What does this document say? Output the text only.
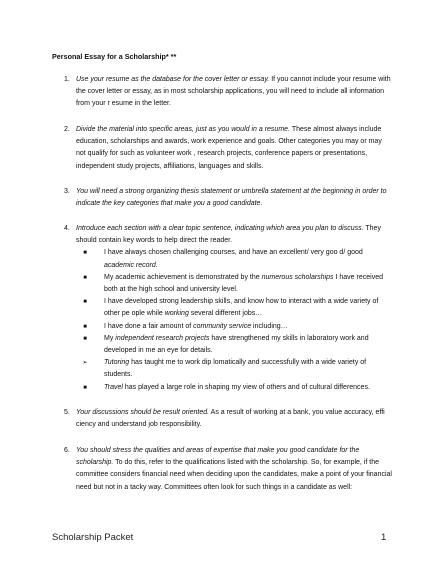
Personal Essay for a Scholarship* **
1. Use your resume as the database for the cover letter or essay. If you cannot include your resume with the cover letter or essay, as in most scholarship applications, you will need to include all information from your r esume in the letter.
2. Divide the material into specific areas, just as you would in a resume. These almost always include education, scholarships and awards, work experience and goals. Other categories you may or may not qualify for such as volunteer work , research projects, conference papers or presentations, independent study projects, affiliations, languages and skills.
3. You will need a strong organizing thesis statement or umbrella statement at the beginning in order to indicate the key categories that make you a good candidate.
4. Introduce each section with a clear topic sentence, indicating which area you plan to discuss. They should contain key words to help direct the reader.
■	I have always chosen challenging courses, and have an excellent/ very goo d/ good academic record.
■	My academic achievement is demonstrated by the numerous scholarships I have received both at the high school and university level.
■	I have developed strong leadership skills, and know how to interact with a wide variety of other pe ople while working several different jobs…
■	I have done a fair amount of community service including…
■	My independent research projects have strengthened my skills in laboratory work and developed in me an eye for details.
➢	Tutoring has taught me to work dip lomatically and successfully with a wide variety of students.
■	Travel has played a large role in shaping my view of others and of cultural differences.
5. Your discussions should be result oriented. As a result of working at a bank, you value accuracy, effi ciency and understand job responsibility.
6. You should stress the qualities and areas of expertise that make you good candidate for the scholarship. To do this, refer to the qualifications listed with the scholarship. So, for example, if the committee considers financial need when deciding upon the candidates, make a point of your financial need but not in a tacky way. Committees often look for such things in a candidate as well:
Scholarship Packet	1
